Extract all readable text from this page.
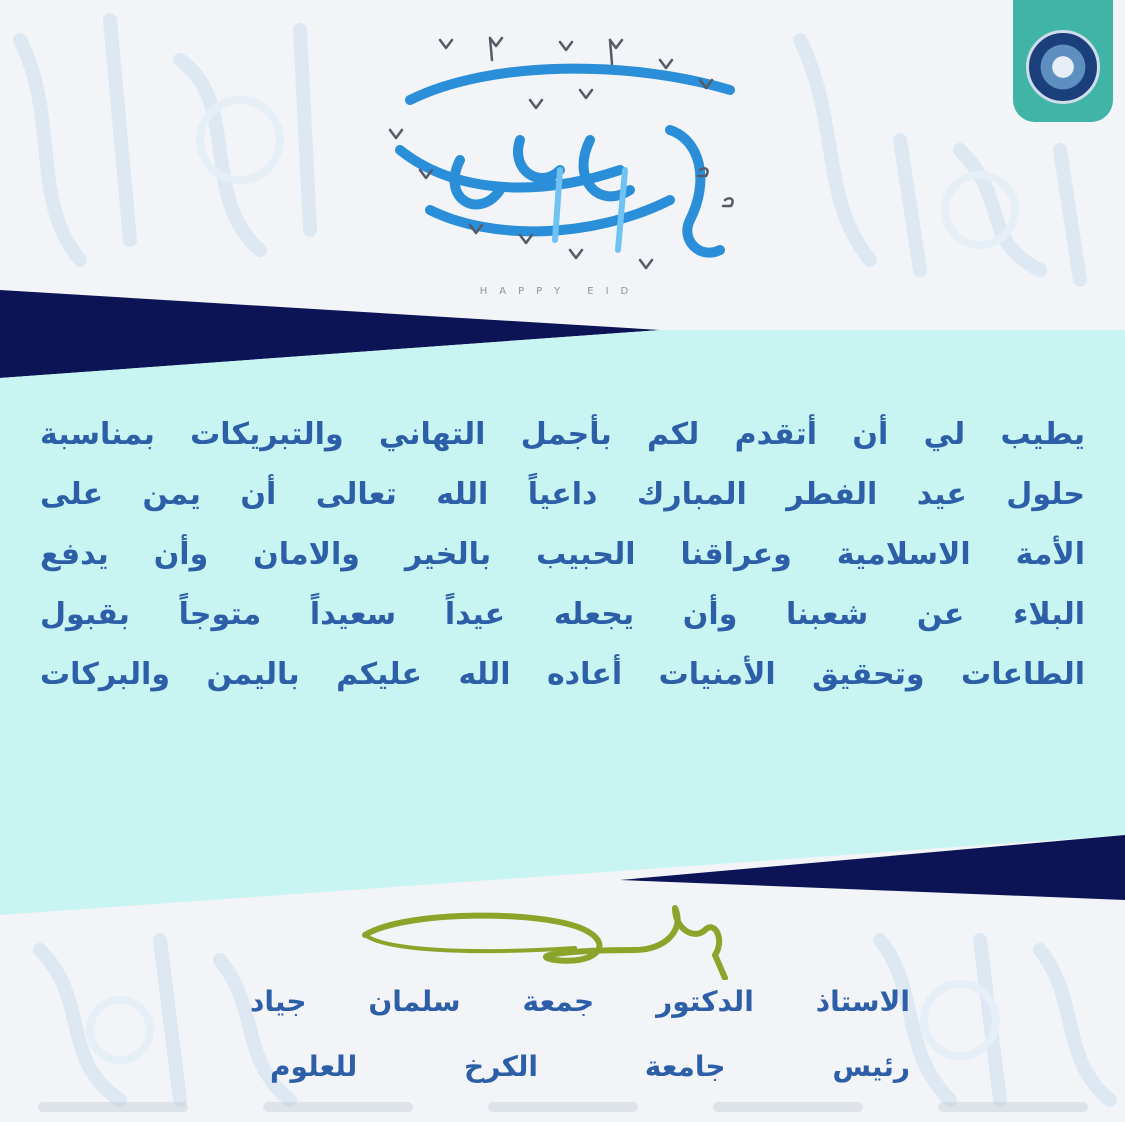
HAPPY EID
يطيب لي أن أتقدم لكم بأجمل التهاني والتبريكات بمناسبة
حلول عيد الفطر المبارك داعياً الله تعالى أن يمن على
الأمة الاسلامية وعراقنا الحبيب بالخير والامان وأن يدفع
البلاء عن شعبنا وأن يجعله عيداً سعيداً متوجاً بقبول
الطاعات وتحقيق الأمنيات أعاده الله عليكم باليمن والبركات
الاستاذ الدكتور جمعة سلمان جياد
رئيس جامعة الكرخ للعلوم
